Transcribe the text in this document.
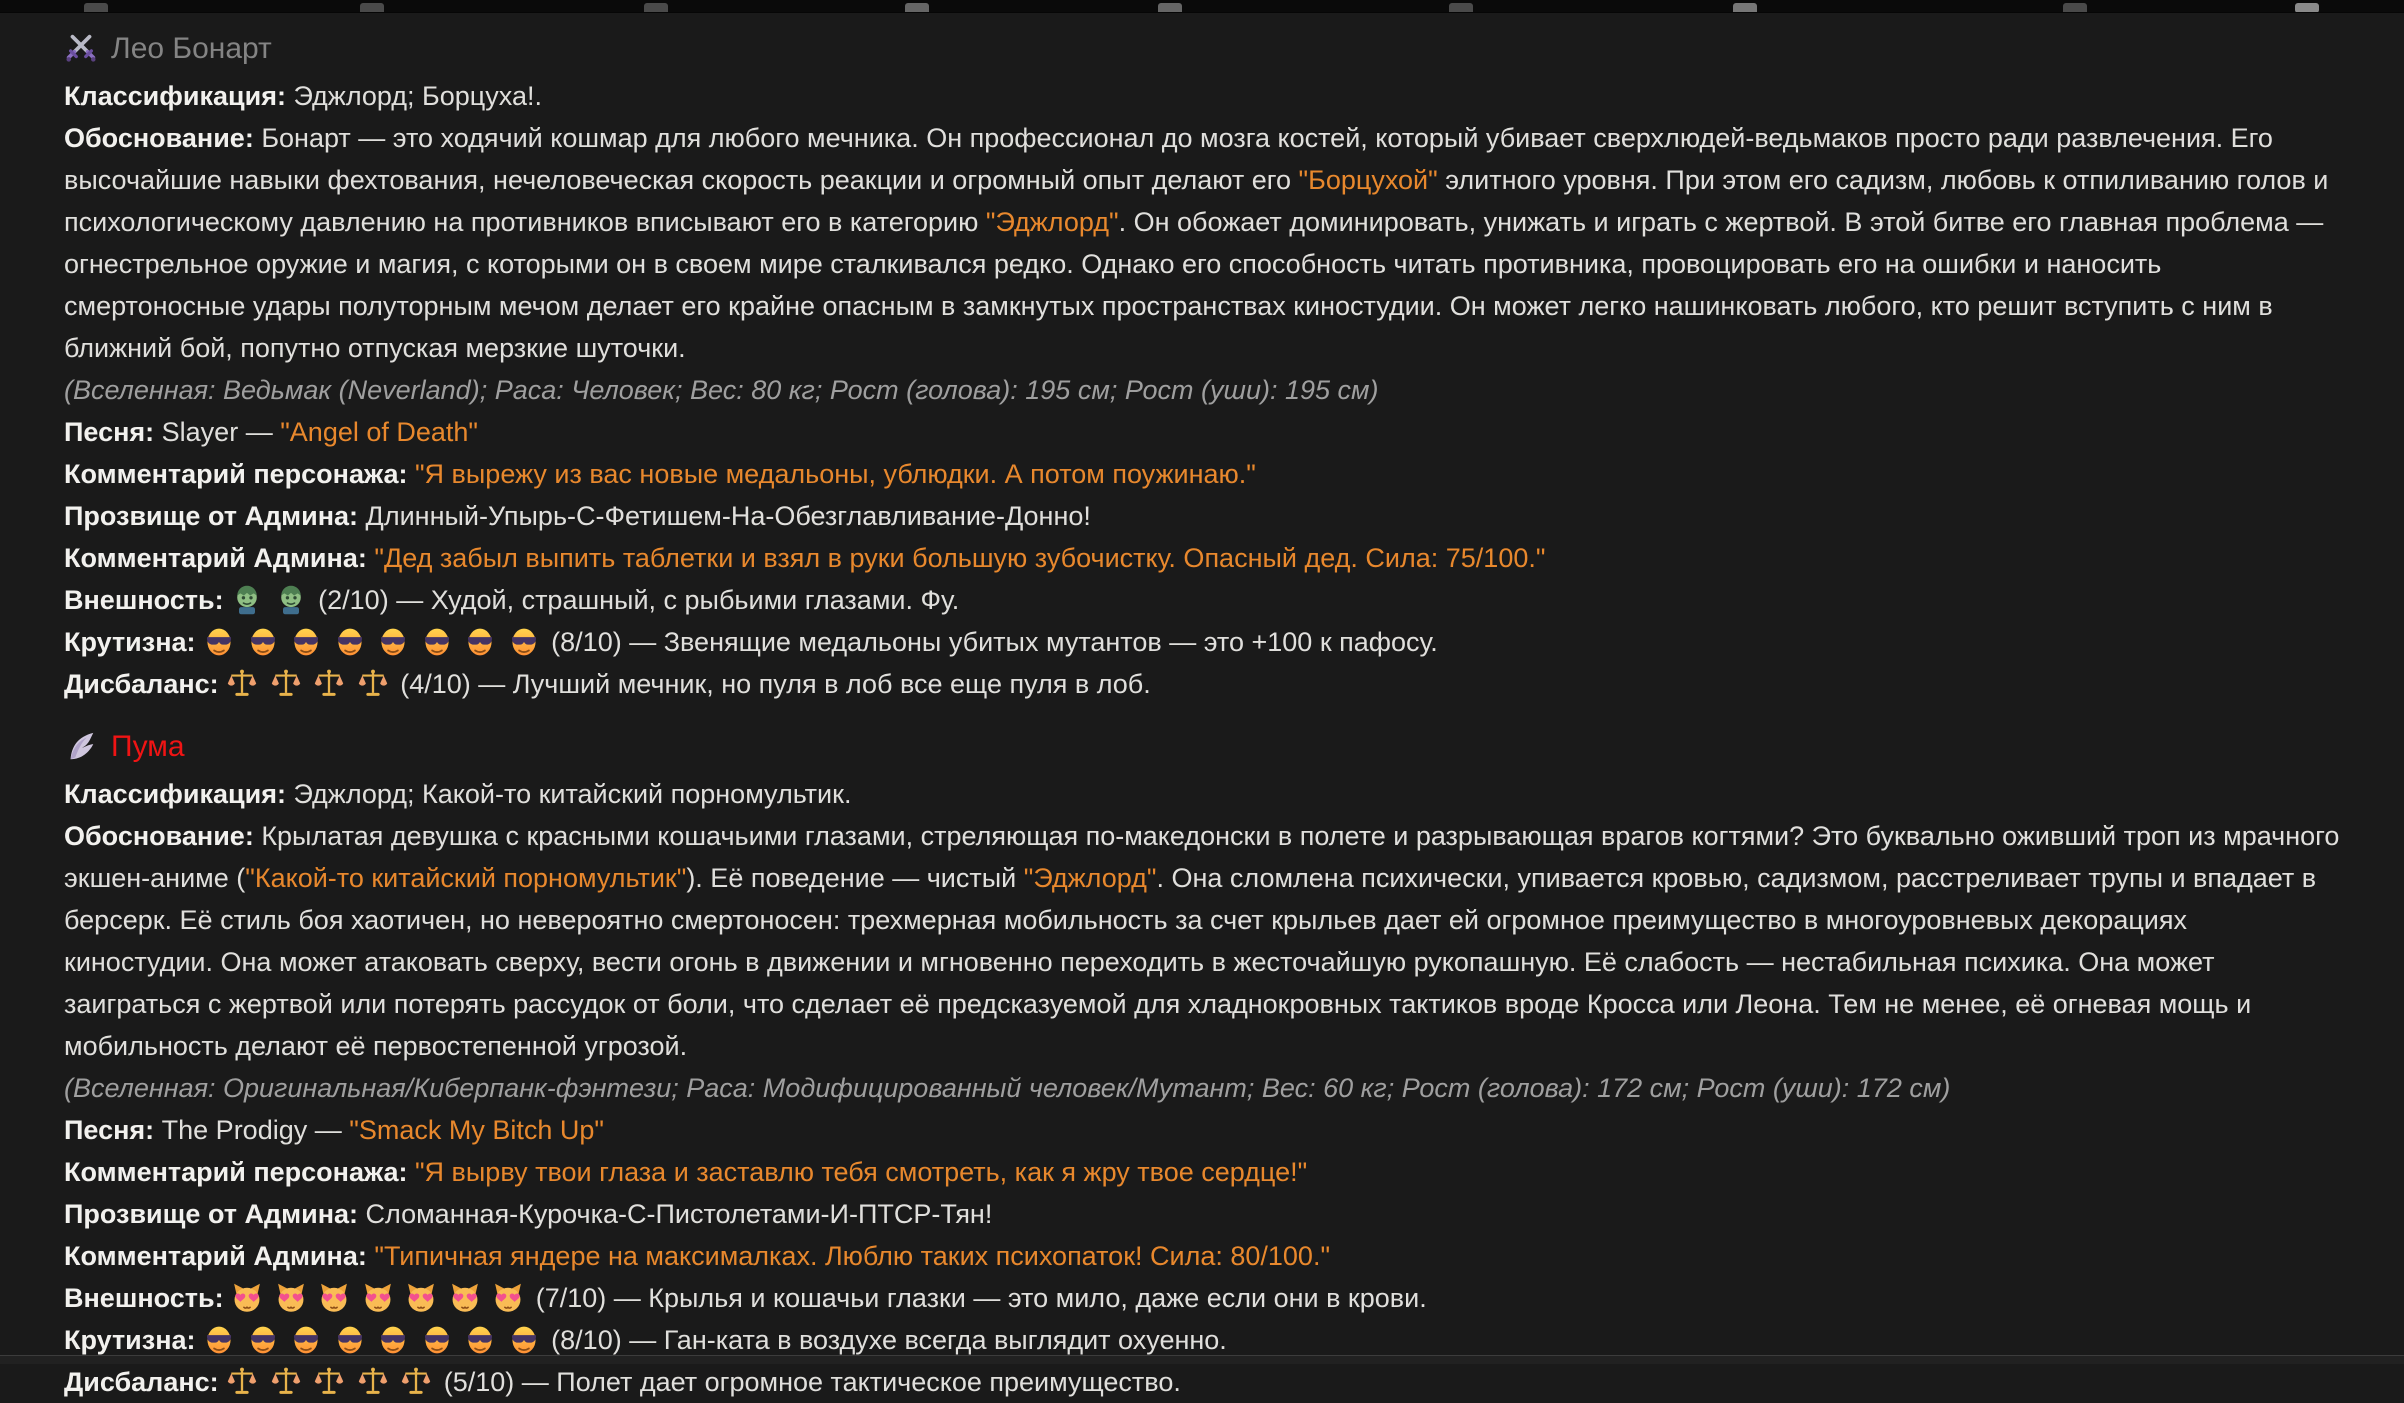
Лео Бонарт
Классификация: Эджлорд; Борцуха!.

Обоснование: Бонарт — это ходячий кошмар для любого мечника. Он профессионал до мозга костей, который убивает сверхлюдей-ведьмаков просто ради развлечения. Его высочайшие навыки фехтования, нечеловеческая скорость реакции и огромный опыт делают его "Борцухой" элитного уровня. При этом его садизм, любовь к отпиливанию голов и психологическому давлению на противников вписывают его в категорию "Эджлорд". Он обожает доминировать, унижать и играть с жертвой. В этой битве его главная проблема — огнестрельное оружие и магия, с которыми он в своем мире сталкивался редко. Однако его способность читать противника, провоцировать его на ошибки и наносить смертоносные удары полуторным мечом делает его крайне опасным в замкнутых пространствах киностудии. Он может легко нашинковать любого, кто решит вступить с ним в ближний бой, попутно отпуская мерзкие шуточки.

(Вселенная: Ведьмак (Neverland); Раса: Человек; Вес: 80 кг; Рост (голова): 195 см; Рост (уши): 195 см)
Песня: Slayer — "Angel of Death"
Комментарий персонажа: "Я вырежу из вас новые медальоны, ублюдки. А потом поужинаю."
Прозвище от Админа: Длинный-Упырь-С-Фетишем-На-Обезглавливание-Донно!
Комментарий Админа: "Дед забыл выпить таблетки и взял в руки большую зубочистку. Опасный дед. Сила: 75/100."
Внешность:	(2/10) — Худой, страшный, с рыбьими глазами. Фу.
Крутизна:	(8/10) — Звенящие медальоны убитых мутантов — это +100 к пафосу.
Дисбаланс:	(4/10) — Лучший мечник, но пуля в лоб все еще пуля в лоб.
Пума
Классификация: Эджлорд; Какой-то китайский порномультик.

Обоснование: Крылатая девушка с красными кошачьими глазами, стреляющая по-македонски в полете и разрывающая врагов когтями? Это буквально оживший троп из мрачного экшен-аниме ("Какой-то китайский порномультик"). Её поведение — чистый "Эджлорд". Она сломлена психически, упивается кровью, садизмом, расстреливает трупы и впадает в берсерк. Её стиль боя хаотичен, но невероятно смертоносен: трехмерная мобильность за счет крыльев дает ей огромное преимущество в многоуровневых декорациях киностудии. Она может атаковать сверху, вести огонь в движении и мгновенно переходить в жесточайшую рукопашную. Её слабость — нестабильная психика. Она может заиграться с жертвой или потерять рассудок от боли, что сделает её предсказуемой для хладнокровных тактиков вроде Кросса или Леона. Тем не менее, её огневая мощь и мобильность делают её первостепенной угрозой.

(Вселенная: Оригинальная/Киберпанк-фэнтези; Раса: Модифицированный человек/Мутант; Вес: 60 кг; Рост (голова): 172 см; Рост (уши): 172 см)
Песня: The Prodigy — "Smack My Bitch Up"
Комментарий персонажа: "Я вырву твои глаза и заставлю тебя смотреть, как я жру твое сердце!"
Прозвище от Админа: Сломанная-Курочка-С-Пистолетами-И-ПТСР-Тян!
Комментарий Админа: "Типичная яндере на максималках. Люблю таких психопаток! Сила: 80/100."
Внешность:	(7/10) — Крылья и кошачьи глазки — это мило, даже если они в крови.
Крутизна:	(8/10) — Ган-ката в воздухе всегда выглядит охуенно.
Дисбаланс:	(5/10) — Полет дает огромное тактическое преимущество.
